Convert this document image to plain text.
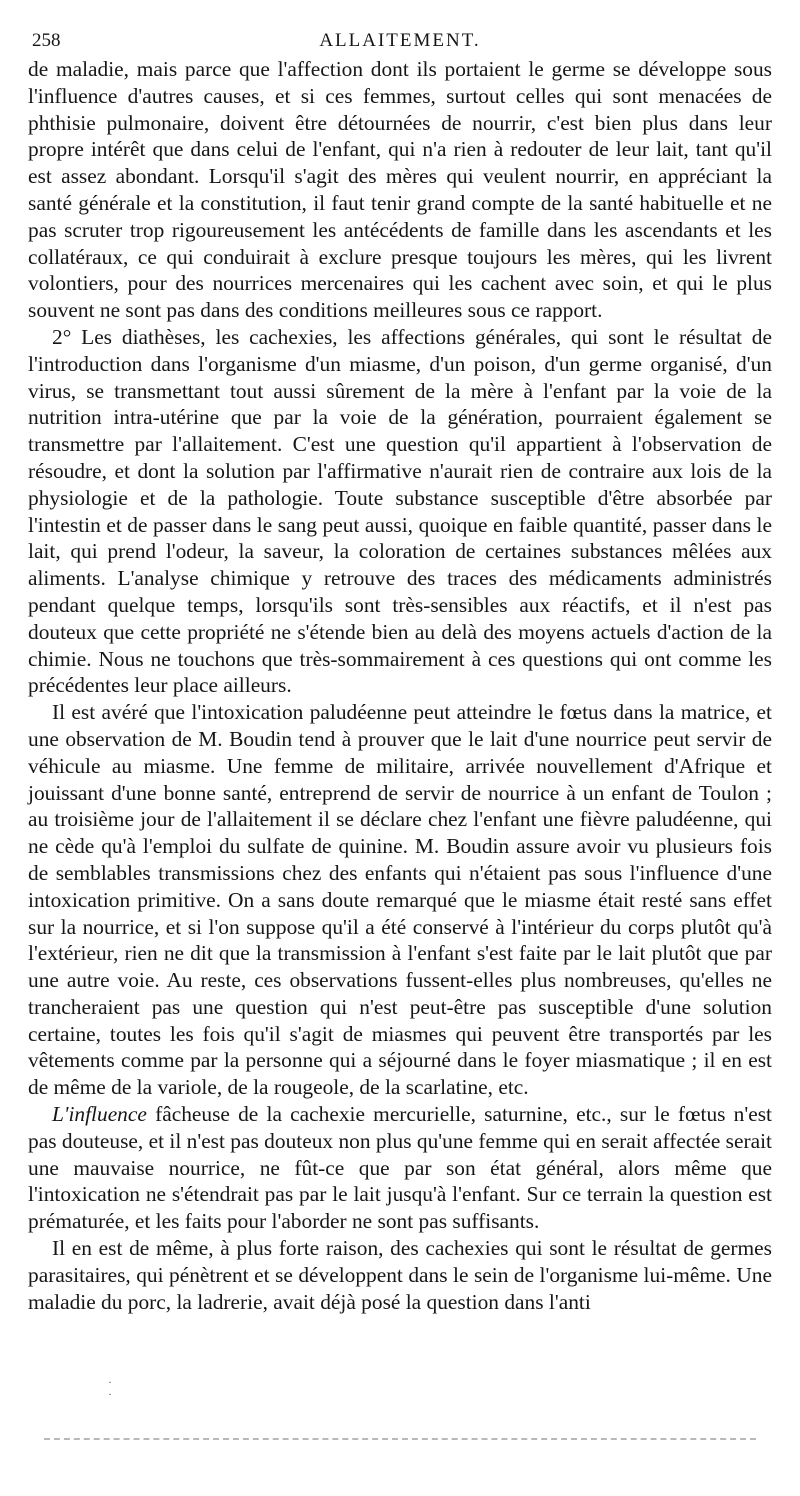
258	ALLAITEMENT.

de maladie, mais parce que l'affection dont ils portaient le germe se développe sous l'influence d'autres causes, et si ces femmes, surtout celles qui sont menacées de phthisie pulmonaire, doivent être détournées de nourrir, c'est bien plus dans leur propre intérêt que dans celui de l'enfant, qui n'a rien à redouter de leur lait, tant qu'il est assez abondant. Lorsqu'il s'agit des mères qui veulent nourrir, en appréciant la santé générale et la constitution, il faut tenir grand compte de la santé habituelle et ne pas scruter trop rigoureusement les antécédents de famille dans les ascendants et les collatéraux, ce qui conduirait à exclure presque toujours les mères, qui les livrent volontiers, pour des nourrices mercenaires qui les cachent avec soin, et qui le plus souvent ne sont pas dans des conditions meilleures sous ce rapport.

2° Les diathèses, les cachexies, les affections générales, qui sont le résultat de l'introduction dans l'organisme d'un miasme, d'un poison, d'un germe organisé, d'un virus, se transmettant tout aussi sûrement de la mère à l'enfant par la voie de la nutrition intra-utérine que par la voie de la génération, pourraient également se transmettre par l'allaitement. C'est une question qu'il appartient à l'observation de résoudre, et dont la solution par l'affirmative n'aurait rien de contraire aux lois de la physiologie et de la pathologie. Toute substance susceptible d'être absorbée par l'intestin et de passer dans le sang peut aussi, quoique en faible quantité, passer dans le lait, qui prend l'odeur, la saveur, la coloration de certaines substances mêlées aux aliments. L'analyse chimique y retrouve des traces des médicaments administrés pendant quelque temps, lorsqu'ils sont très-sensibles aux réactifs, et il n'est pas douteux que cette propriété ne s'étende bien au delà des moyens actuels d'action de la chimie. Nous ne touchons que très-sommairement à ces questions qui ont comme les précédentes leur place ailleurs.

Il est avéré que l'intoxication paludéenne peut atteindre le fœtus dans la matrice, et une observation de M. Boudin tend à prouver que le lait d'une nourrice peut servir de véhicule au miasme. Une femme de militaire, arrivée nouvellement d'Afrique et jouissant d'une bonne santé, entreprend de servir de nourrice à un enfant de Toulon ; au troisième jour de l'allaitement il se déclare chez l'enfant une fièvre paludéenne, qui ne cède qu'à l'emploi du sulfate de quinine. M. Boudin assure avoir vu plusieurs fois de semblables transmissions chez des enfants qui n'étaient pas sous l'influence d'une intoxication primitive. On a sans doute remarqué que le miasme était resté sans effet sur la nourrice, et si l'on suppose qu'il a été conservé à l'intérieur du corps plutôt qu'à l'extérieur, rien ne dit que la transmission à l'enfant s'est faite par le lait plutôt que par une autre voie. Au reste, ces observations fussent-elles plus nombreuses, qu'elles ne trancheraient pas une question qui n'est peut-être pas susceptible d'une solution certaine, toutes les fois qu'il s'agit de miasmes qui peuvent être transportés par les vêtements comme par la personne qui a séjourné dans le foyer miasmatique ; il en est de même de la variole, de la rougeole, de la scarlatine, etc.

L'influence fâcheuse de la cachexie mercurielle, saturnine, etc., sur le fœtus n'est pas douteuse, et il n'est pas douteux non plus qu'une femme qui en serait affectée serait une mauvaise nourrice, ne fût-ce que par son état général, alors même que l'intoxication ne s'étendrait pas par le lait jusqu'à l'enfant. Sur ce terrain la question est prématurée, et les faits pour l'aborder ne sont pas suffisants.

Il en est de même, à plus forte raison, des cachexies qui sont le résultat de germes parasitaires, qui pénètrent et se développent dans le sein de l'organisme lui-même. Une maladie du porc, la ladrerie, avait déjà posé la question dans l'anti

·
·
